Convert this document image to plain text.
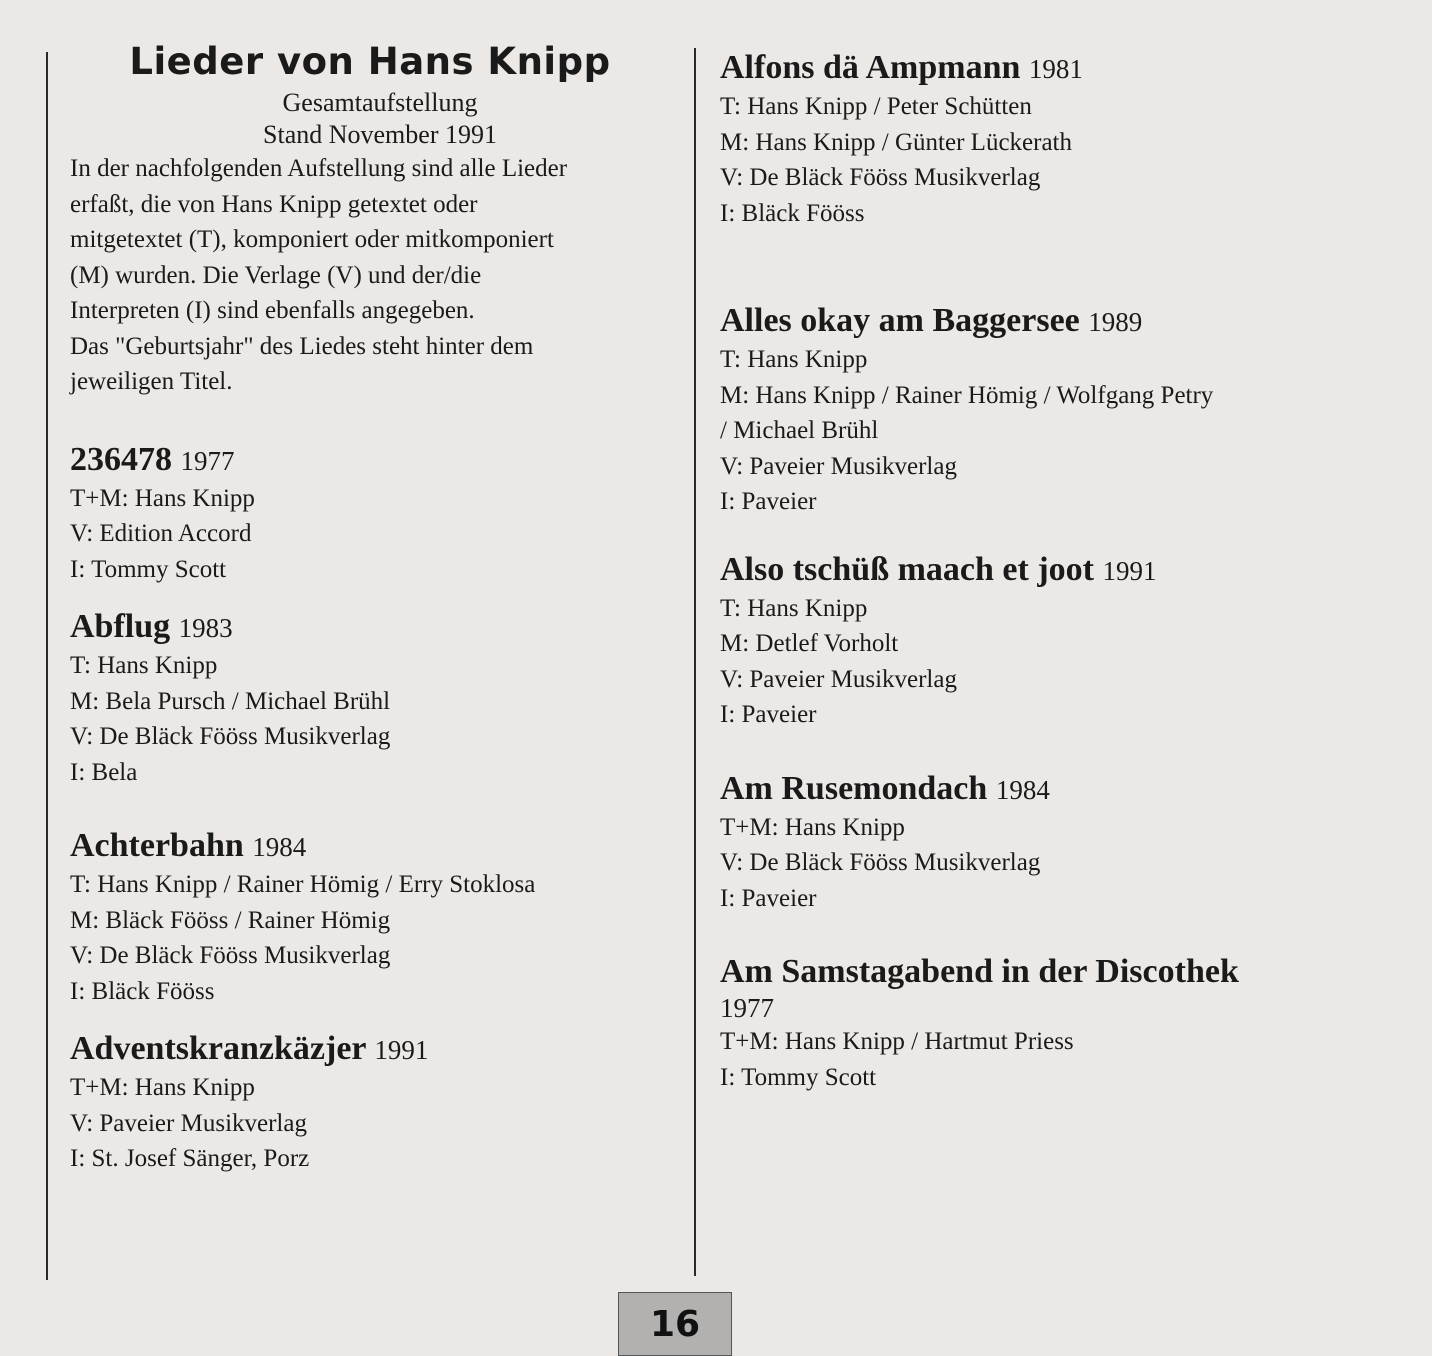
Lieder von Hans Knipp
Gesamtaufstellung
Stand November 1991
In der nachfolgenden Aufstellung sind alle Lieder
erfaßt, die von Hans Knipp getextet oder
mitgetextet (T), komponiert oder mitkomponiert
(M) wurden. Die Verlage (V) und der/die
Interpreten (I) sind ebenfalls angegeben.
Das "Geburtsjahr" des Liedes steht hinter dem
jeweiligen Titel.
236478 1977
T+M: Hans Knipp
V: Edition Accord
I: Tommy Scott
Abflug 1983
T: Hans Knipp
M: Bela Pursch / Michael Brühl
V: De Bläck Fööss Musikverlag
I: Bela
Achterbahn 1984
T: Hans Knipp / Rainer Hömig / Erry Stoklosa
M: Bläck Fööss / Rainer Hömig
V: De Bläck Fööss Musikverlag
I: Bläck Fööss
Adventskranzkäzjer 1991
T+M: Hans Knipp
V: Paveier Musikverlag
I: St. Josef Sänger, Porz
Alfons dä Ampmann 1981
T: Hans Knipp / Peter Schütten
M: Hans Knipp / Günter Lückerath
V: De Bläck Fööss Musikverlag
I: Bläck Fööss
Alles okay am Baggersee 1989
T: Hans Knipp
M: Hans Knipp / Rainer Hömig / Wolfgang Petry
/ Michael Brühl
V: Paveier Musikverlag
I: Paveier
Also tschüß maach et joot 1991
T: Hans Knipp
M: Detlef Vorholt
V: Paveier Musikverlag
I: Paveier
Am Rusemondach 1984
T+M: Hans Knipp
V: De Bläck Fööss Musikverlag
I: Paveier
Am Samstagabend in der Discothek
1977
T+M: Hans Knipp / Hartmut Priess
I: Tommy Scott
16
